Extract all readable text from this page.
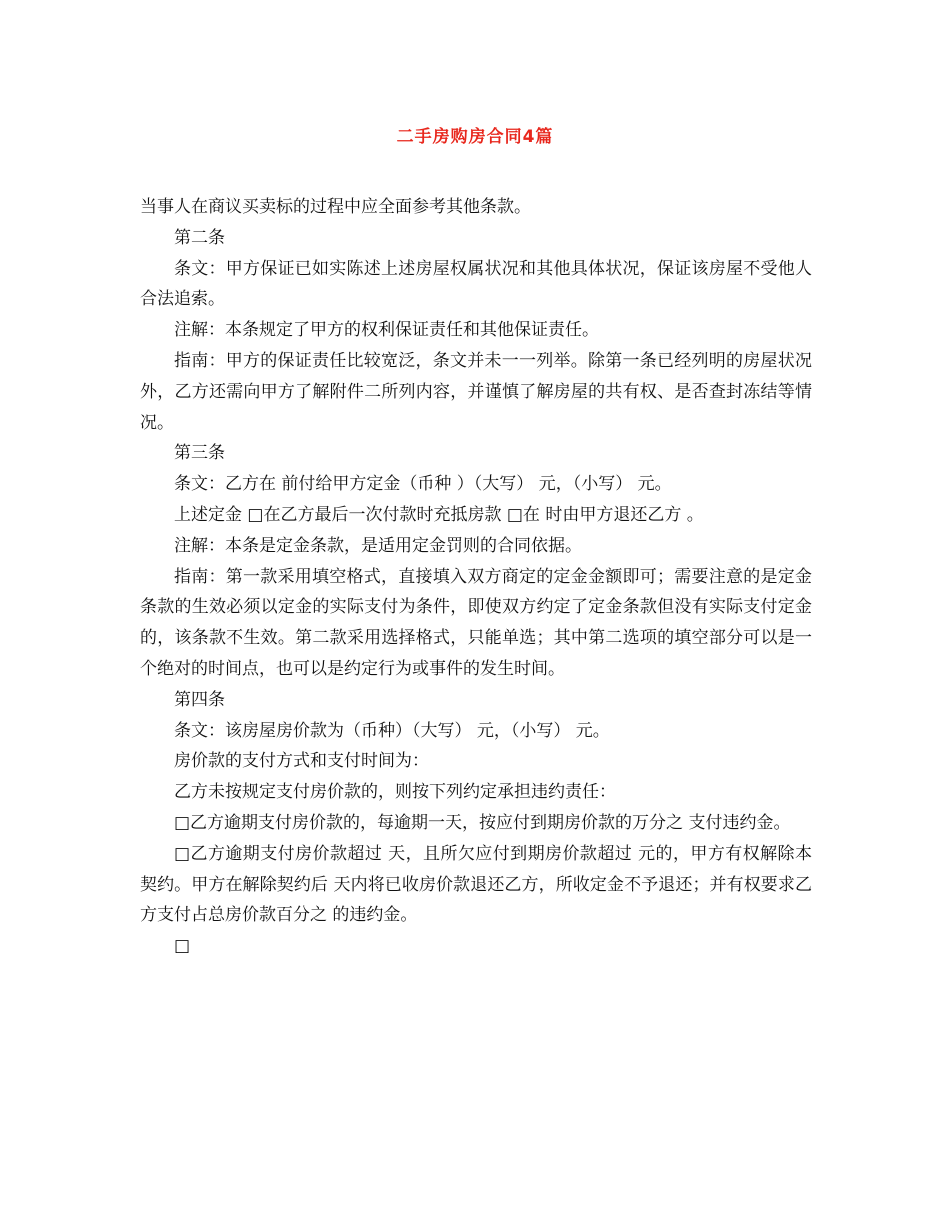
二手房购房合同4篇

当事人在商议买卖标的过程中应全面参考其他条款。

第二条

条文：甲方保证已如实陈述上述房屋权属状况和其他具体状况，保证该房屋不受他人合法追索。

注解：本条规定了甲方的权利保证责任和其他保证责任。

指南：甲方的保证责任比较宽泛，条文并未一一列举。除第一条已经列明的房屋状况外，乙方还需向甲方了解附件二所列内容，并谨慎了解房屋的共有权、是否查封冻结等情况。

第三条

条文：乙方在 前付给甲方定金（币种 ）（大写） 元，（小写） 元。

上述定金 □在乙方最后一次付款时充抵房款 □在 时由甲方退还乙方 。

注解：本条是定金条款，是适用定金罚则的合同依据。

指南：第一款采用填空格式，直接填入双方商定的定金金额即可；需要注意的是定金条款的生效必须以定金的实际支付为条件，即使双方约定了定金条款但没有实际支付定金的，该条款不生效。第二款采用选择格式，只能单选；其中第二选项的填空部分可以是一个绝对的时间点，也可以是约定行为或事件的发生时间。

第四条

条文：该房屋房价款为（币种）（大写） 元，（小写） 元。

房价款的支付方式和支付时间为：

乙方未按规定支付房价款的，则按下列约定承担违约责任：

□乙方逾期支付房价款的，每逾期一天，按应付到期房价款的万分之 支付违约金。

□乙方逾期支付房价款超过 天，且所欠应付到期房价款超过 元的，甲方有权解除本契约。甲方在解除契约后 天内将已收房价款退还乙方，所收定金不予退还；并有权要求乙方支付占总房价款百分之 的违约金。

□
